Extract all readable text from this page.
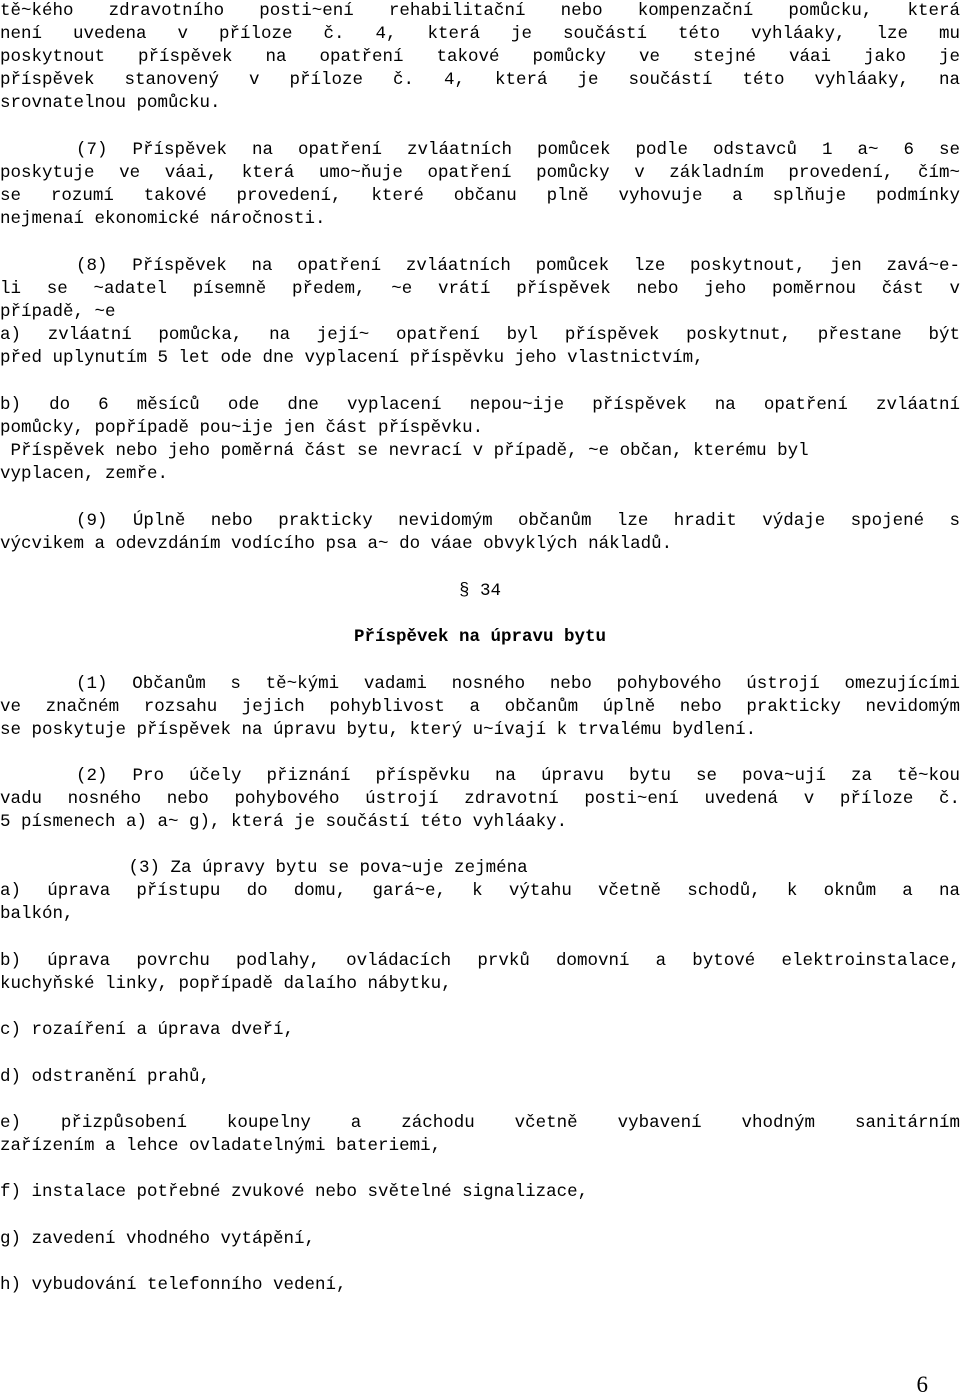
tě~kého zdravotního posti~ení rehabilitační nebo kompenzační pomůcku, která

není uvedena v příloze č. 4, která je součástí této vyhláaky, lze mu

poskytnout příspěvek na opatření takové pomůcky ve stejné váai jako je

příspěvek stanovený v příloze č. 4, která je součástí této vyhláaky, na

srovnatelnou pomůcku.

(7) Příspěvek na opatření zvláatních pomůcek podle odstavců 1 a~ 6 se

poskytuje ve váai, která umo~ňuje opatření pomůcky v základním provedení, čím~

se rozumí takové provedení, které občanu plně vyhovuje a splňuje podmínky

nejmenaí ekonomické náročnosti.

(8) Příspěvek na opatření zvláatních pomůcek lze poskytnout, jen zavá~e-

li se ~adatel písemně předem, ~e vrátí příspěvek nebo jeho poměrnou část v

případě, ~e

a) zvláatní pomůcka, na její~ opatření byl příspěvek poskytnut, přestane být

před uplynutím 5 let ode dne vyplacení příspěvku jeho vlastnictvím,

b) do 6 měsíců ode dne vyplacení nepou~ije příspěvek na opatření zvláatní

pomůcky, popřípadě pou~ije jen část příspěvku.

Příspěvek nebo jeho poměrná část se nevrací v případě, ~e občan, kterému byl

vyplacen, zemře.

(9) Úplně nebo prakticky nevidomým občanům lze hradit výdaje spojené s

výcvikem a odevzdáním vodícího psa a~ do váae obvyklých nákladů.

§ 34

Příspěvek na úpravu bytu

(1) Občanům s tě~kými vadami nosného nebo pohybového ústrojí omezujícími

ve značném rozsahu jejich pohyblivost a občanům úplně nebo prakticky nevidomým

se poskytuje příspěvek na úpravu bytu, který u~ívají k trvalému bydlení.

(2) Pro účely přiznání příspěvku na úpravu bytu se pova~ují za tě~kou

vadu nosného nebo pohybového ústrojí zdravotní posti~ení uvedená v příloze č.

5 písmenech a) a~ g), která je součástí této vyhláaky.

(3) Za úpravy bytu se pova~uje zejména

a) úprava přístupu do domu, gará~e, k výtahu včetně schodů, k oknům a na

balkón,

b) úprava povrchu podlahy, ovládacích prvků domovní a bytové elektroinstalace,

kuchyňské linky, popřípadě dalaího nábytku,

c) rozaíření a úprava dveří,

d) odstranění prahů,

e) přizpůsobení koupelny a záchodu včetně vybavení vhodným sanitárním

zařízením a lehce ovladatelnými bateriemi,

f) instalace potřebné zvukové nebo světelné signalizace,

g) zavedení vhodného vytápění,

h) vybudování telefonního vedení,

6
